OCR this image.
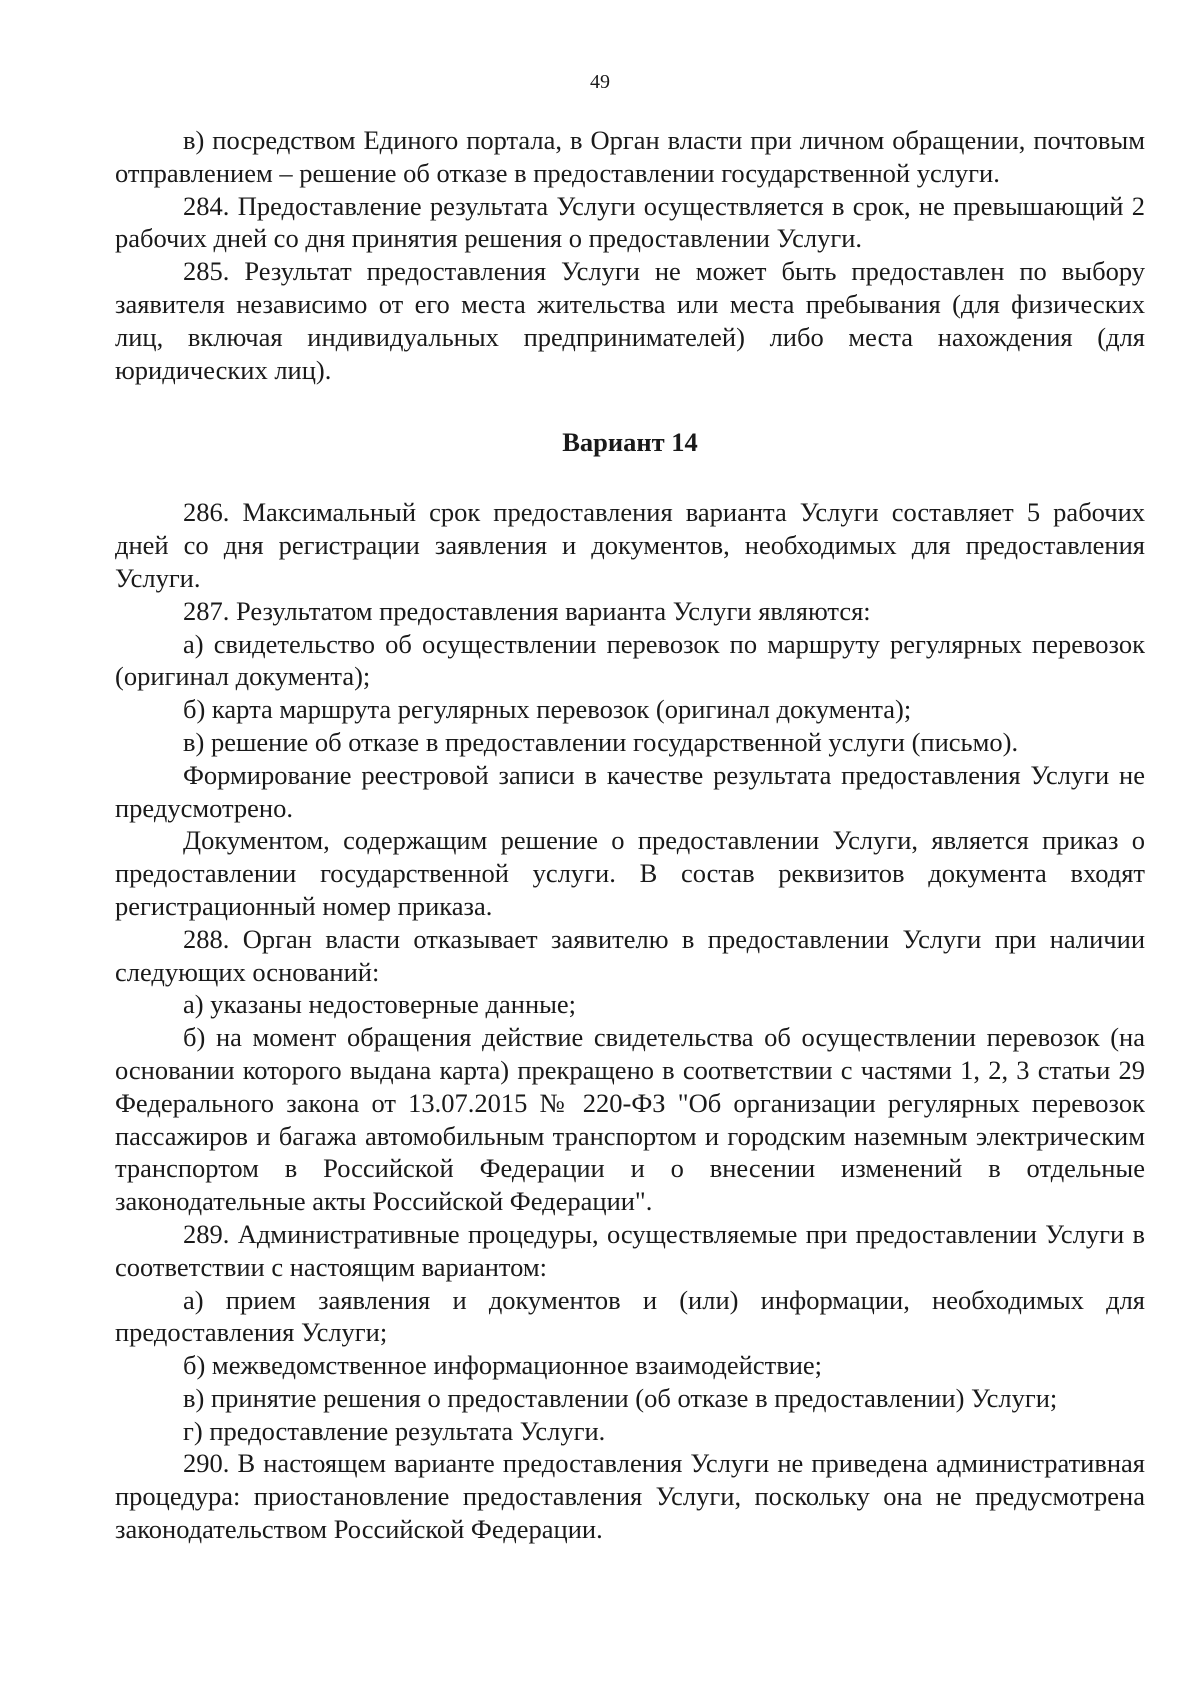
49

в) посредством Единого портала, в Орган власти при личном обращении, почтовым отправлением – решение об отказе в предоставлении государственной услуги.

284. Предоставление результата Услуги осуществляется в срок, не превышающий 2 рабочих дней со дня принятия решения о предоставлении Услуги.

285. Результат предоставления Услуги не может быть предоставлен по выбору заявителя независимо от его места жительства или места пребывания (для физических лиц, включая индивидуальных предпринимателей) либо места нахождения (для юридических лиц).

Вариант 14

286. Максимальный срок предоставления варианта Услуги составляет 5 рабочих дней со дня регистрации заявления и документов, необходимых для предоставления Услуги.

287. Результатом предоставления варианта Услуги являются:

а) свидетельство об осуществлении перевозок по маршруту регулярных перевозок (оригинал документа);

б) карта маршрута регулярных перевозок (оригинал документа);

в) решение об отказе в предоставлении государственной услуги (письмо).

Формирование реестровой записи в качестве результата предоставления Услуги не предусмотрено.

Документом, содержащим решение о предоставлении Услуги, является приказ о предоставлении государственной услуги. В состав реквизитов документа входят регистрационный номер приказа.

288. Орган власти отказывает заявителю в предоставлении Услуги при наличии следующих оснований:

а) указаны недостоверные данные;

б) на момент обращения действие свидетельства об осуществлении перевозок (на основании которого выдана карта) прекращено в соответствии с частями 1, 2, 3 статьи 29 Федерального закона от 13.07.2015 № 220-ФЗ "Об организации регулярных перевозок пассажиров и багажа автомобильным транспортом и городским наземным электрическим транспортом в Российской Федерации и о внесении изменений в отдельные законодательные акты Российской Федерации".

289. Административные процедуры, осуществляемые при предоставлении Услуги в соответствии с настоящим вариантом:

а) прием заявления и документов и (или) информации, необходимых для предоставления Услуги;

б) межведомственное информационное взаимодействие;

в) принятие решения о предоставлении (об отказе в предоставлении) Услуги;

г) предоставление результата Услуги.

290. В настоящем варианте предоставления Услуги не приведена административная процедура: приостановление предоставления Услуги, поскольку она не предусмотрена законодательством Российской Федерации.
